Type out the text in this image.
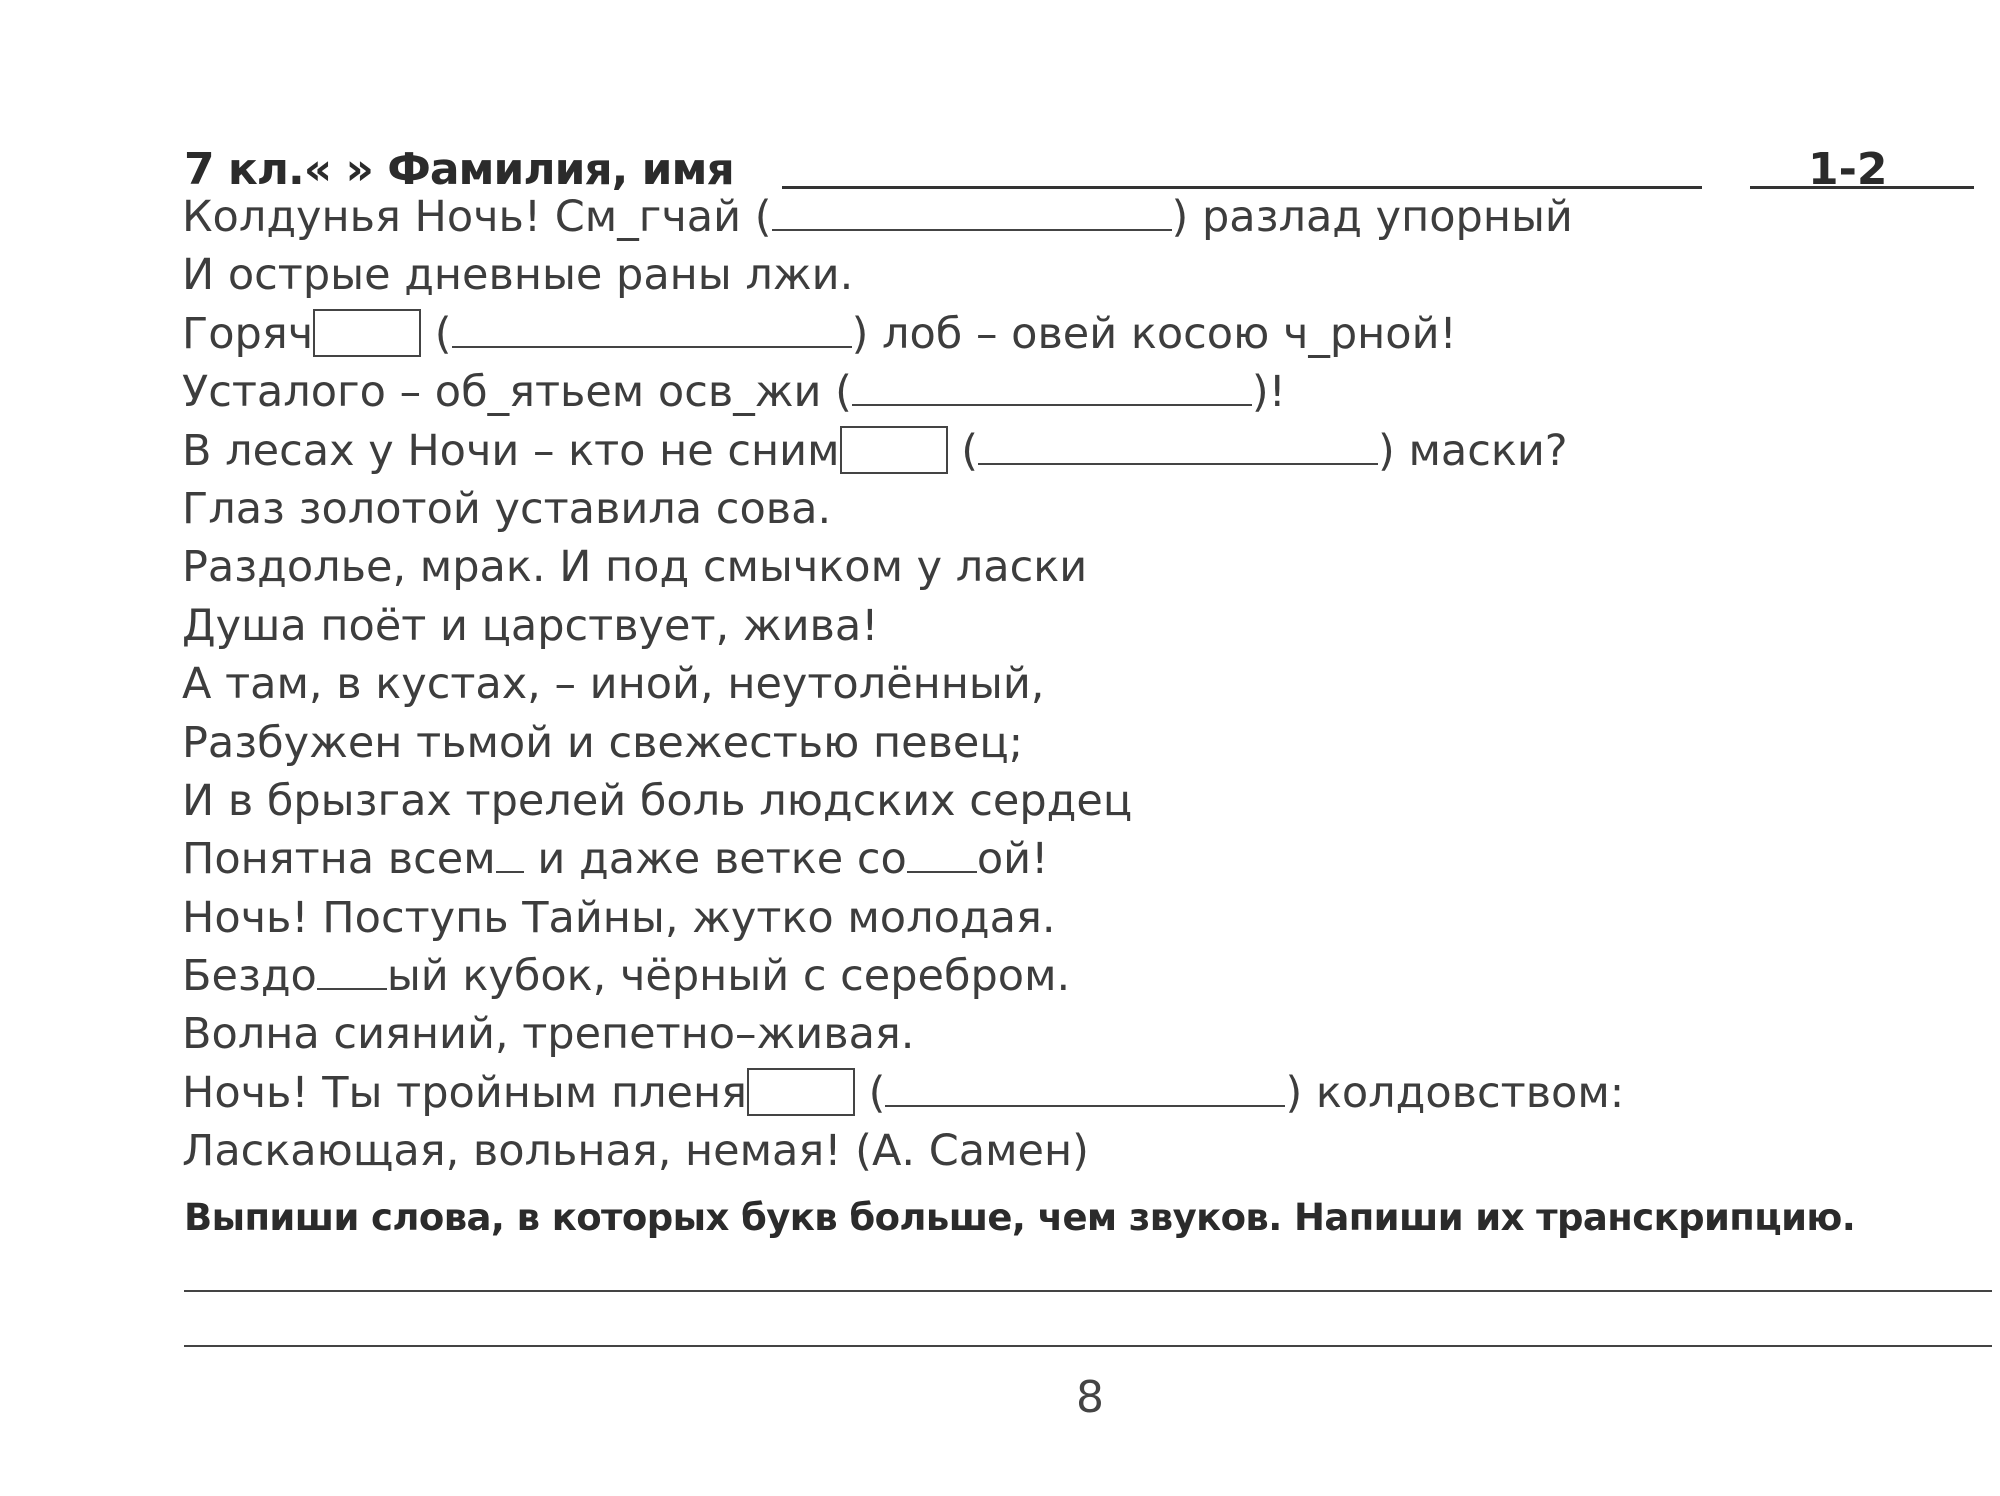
7 кл.« » Фамилия, имя	1-2
Колдунья Ночь! См_гчай (	) разлад упорный
И острые дневные раны лжи.
Горяч	(	) лоб – овей косою ч_рной!
Усталого – об_ятьем осв_жи (	)!
В лесах у Ночи – кто не сним	(	) маски?
Глаз золотой уставила сова.
Раздолье, мрак. И под смычком у ласки
Душа поёт и царствует, жива!
А там, в кустах, – иной, неутолённый,
Разбужен тьмой и свежестью певец;
И в брызгах трелей боль людских сердец
Понятна всем и даже ветке со ой!
Ночь! Поступь Тайны, жутко молодая.
Бездо ый кубок, чёрный с серебром.
Волна сияний, трепетно–живая.
Ночь! Ты тройным пленя	(	) колдовством:
Ласкающая, вольная, немая! (А. Самен)
Выпиши слова, в которых букв больше, чем звуков. Напиши их транскрипцию.
8
